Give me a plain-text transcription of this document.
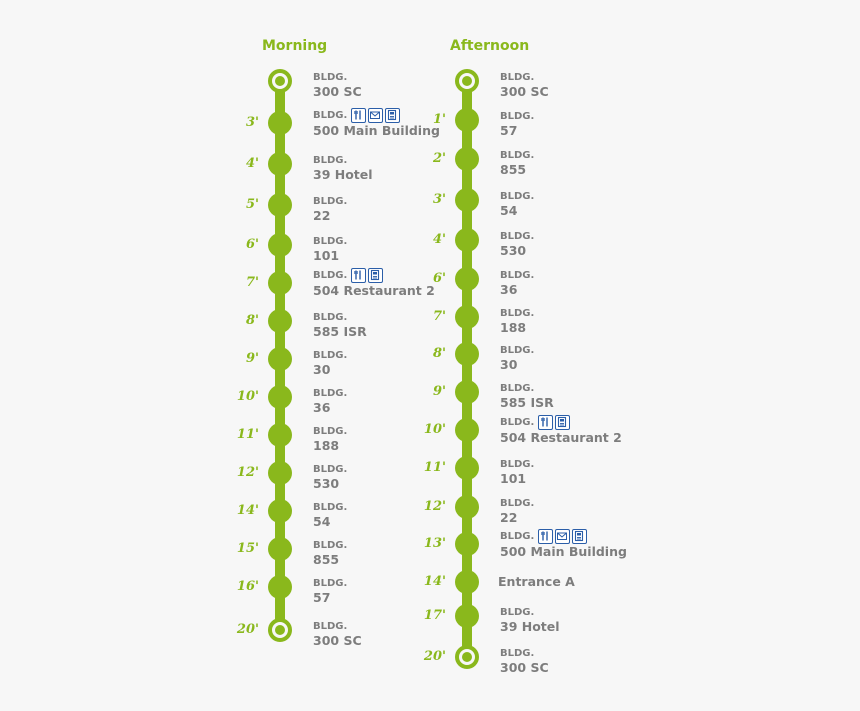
Morning
BLDG.
300 SC
3'	BLDG.
500 Main Building
4'	BLDG.
39 Hotel
5'	BLDG.
22
6'	BLDG.
101
7'	BLDG.
504 Restaurant 2
8'	BLDG.
585 ISR
9'	BLDG.
30
10'	BLDG.
36
11'	BLDG.
188
12'	BLDG.
530
14'	BLDG.
54
15'	BLDG.
855
16'	BLDG.
57
20'	BLDG.
300 SC
Afternoon
BLDG.
300 SC
1'	BLDG.
57
2'	BLDG.
855
3'	BLDG.
54
4'	BLDG.
530
6'	BLDG.
36
7'	BLDG.
188
8'	BLDG.
30
9'	BLDG.
585 ISR
10'	BLDG.
504 Restaurant 2
11'	BLDG.
101
12'	BLDG.
22
13'	BLDG.
500 Main Building
14'	Entrance A
17'	BLDG.
39 Hotel
20'	BLDG.
300 SC
